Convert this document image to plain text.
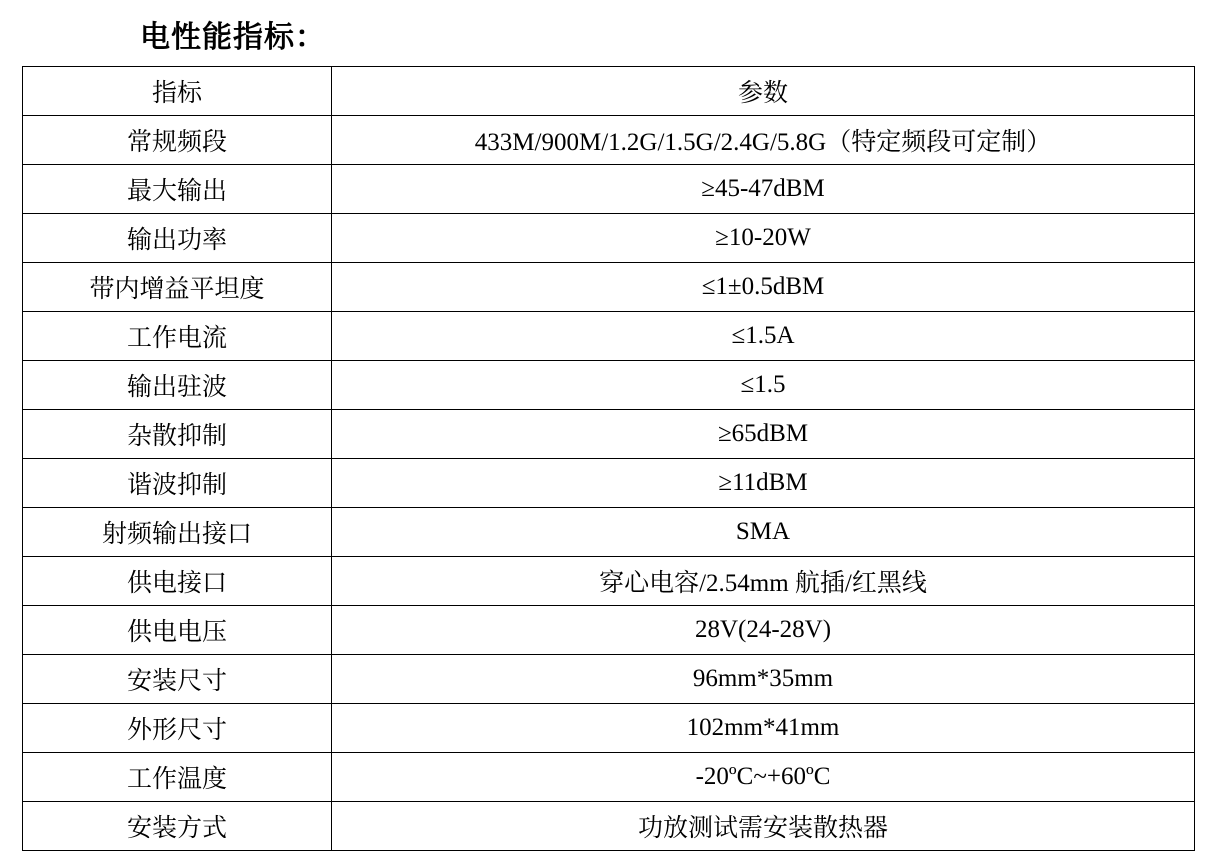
电性能指标：
指标	参数
常规频段	433M/900M/1.2G/1.5G/2.4G/5.8G（特定频段可定制）
最大输出	≥45-47dBM
输出功率	≥10-20W
带内增益平坦度	≤1±0.5dBM
工作电流	≤1.5A
输出驻波	≤1.5
杂散抑制	≥65dBM
谐波抑制	≥11dBM
射频输出接口	SMA
供电接口	穿心电容/2.54mm 航插/红黑线
供电电压	28V(24-28V)
安装尺寸	96mm*35mm
外形尺寸	102mm*41mm
工作温度	-20ºC~+60ºC
安装方式	功放测试需安装散热器
